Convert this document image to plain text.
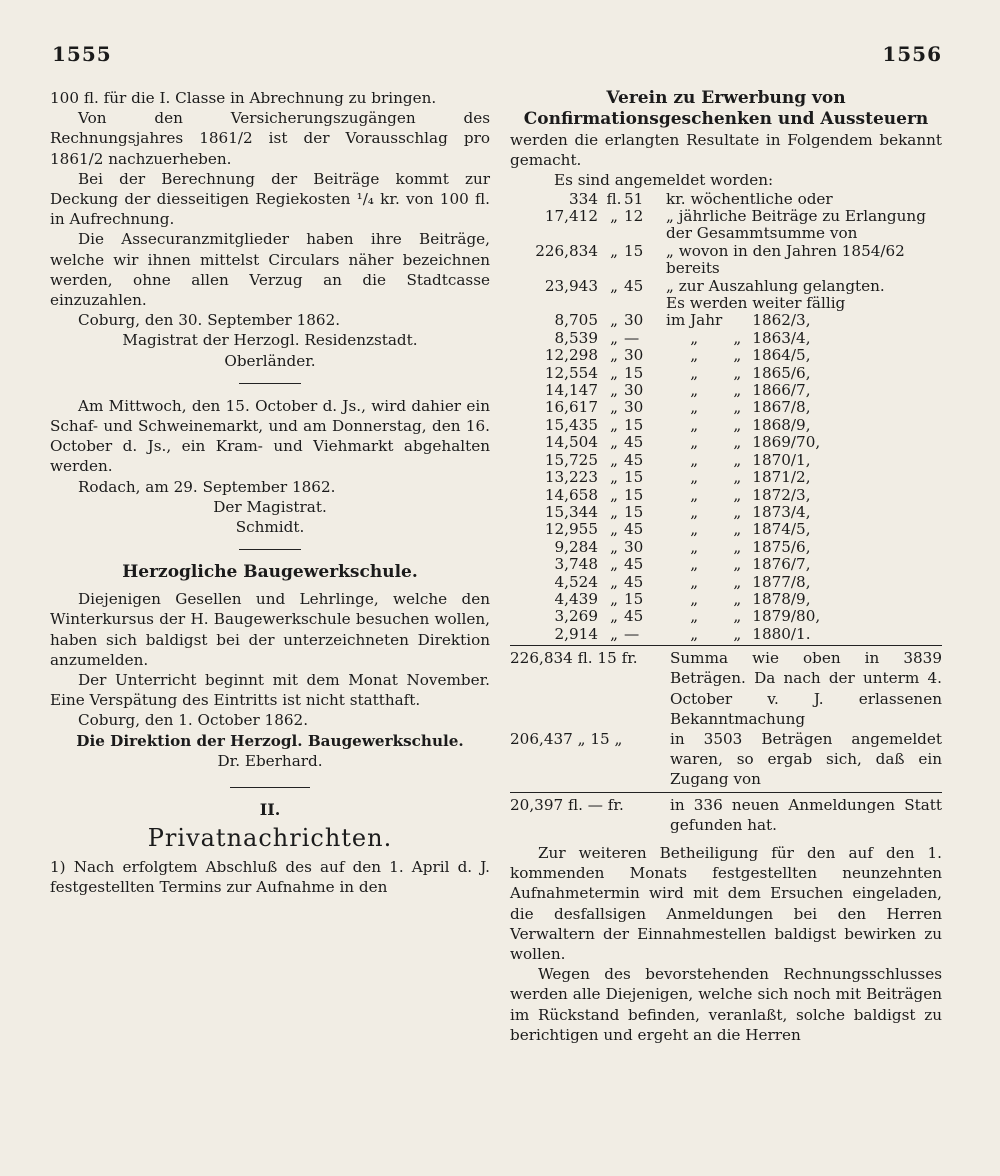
1555	1556

100 fl. für die I. Classe in Abrechnung zu bringen.

Von den Versicherungszugängen des Rechnungsjahres 1861/2 ist der Vorausschlag pro 1861/2 nachzuerheben.

Bei der Berechnung der Beiträge kommt zur Deckung der diesseitigen Regiekosten ¹/₄ kr. von 100 fl. in Aufrechnung.

Die Assecuranzmitglieder haben ihre Beiträge, welche wir ihnen mittelst Circulars näher bezeichnen werden, ohne allen Verzug an die Stadtcasse einzuzahlen.

Coburg, den 30. September 1862.

Magistrat der Herzogl. Residenzstadt.

Oberländer.

Am Mittwoch, den 15. October d. Js., wird dahier ein Schaf- und Schweinemarkt, und am Donnerstag, den 16. October d. Js., ein Kram- und Viehmarkt abgehalten werden.

Rodach, am 29. September 1862.

Der Magistrat.

Schmidt.

Herzogliche Baugewerkschule.

Diejenigen Gesellen und Lehrlinge, welche den Winterkursus der H. Baugewerkschule besuchen wollen, haben sich baldigst bei der unterzeichneten Direktion anzumelden.

Der Unterricht beginnt mit dem Monat November. Eine Verspätung des Eintritts ist nicht statthaft.

Coburg, den 1. October 1862.

Die Direktion der Herzogl. Baugewerkschule.

Dr. Eberhard.

II.
Privatnachrichten.

1) Nach erfolgtem Abschluß des auf den 1. April d. J. festgestellten Termins zur Aufnahme in den

Verein zu Erwerbung von Confirmationsgeschenken und Aussteuern

werden die erlangten Resultate in Folgendem bekannt gemacht.

Es sind angemeldet worden:

334	fl.	51	kr. wöchentliche oder
17,412	„	12	„ jährliche Beiträge zu Erlangung
			der Gesammtsumme von
226,834	„	15	„ wovon in den Jahren 1854/62
			bereits
23,943	„	45	„ zur Auszahlung gelangten.
			Es werden weiter fällig
8,705	„	30	im Jahr		1862/3,
8,539	„	—	„	„	1863/4,
12,298	„	30	„	„	1864/5,
12,554	„	15	„	„	1865/6,
14,147	„	30	„	„	1866/7,
16,617	„	30	„	„	1867/8,
15,435	„	15	„	„	1868/9,
14,504	„	45	„	„	1869/70,
15,725	„	45	„	„	1870/1,
13,223	„	15	„	„	1871/2,
14,658	„	15	„	„	1872/3,
15,344	„	15	„	„	1873/4,
12,955	„	45	„	„	1874/5,
9,284	„	30	„	„	1875/6,
3,748	„	45	„	„	1876/7,
4,524	„	45	„	„	1877/8,
4,439	„	15	„	„	1878/9,
3,269	„	45	„	„	1879/80,
2,914	„	—	„	„	1880/1.
226,834 fl. 15 fr.	Summa wie oben in 3839 Beträgen. Da nach der unterm 4. October v. J. erlassenen Bekanntmachung
206,437 „ 15 „	in 3503 Beträgen angemeldet waren, so ergab sich, daß ein Zugang von
20,397 fl. — fr.	in 336 neuen Anmeldungen Statt gefunden hat.

Zur weiteren Betheiligung für den auf den 1. kommenden Monats festgestellten neunzehnten Aufnahmetermin wird mit dem Ersuchen eingeladen, die desfallsigen Anmeldungen bei den Herren Verwaltern der Einnahmestellen baldigst bewirken zu wollen.

Wegen des bevorstehenden Rechnungsschlusses werden alle Diejenigen, welche sich noch mit Beiträgen im Rückstand befinden, veranlaßt, solche baldigst zu berichtigen und ergeht an die Herren
